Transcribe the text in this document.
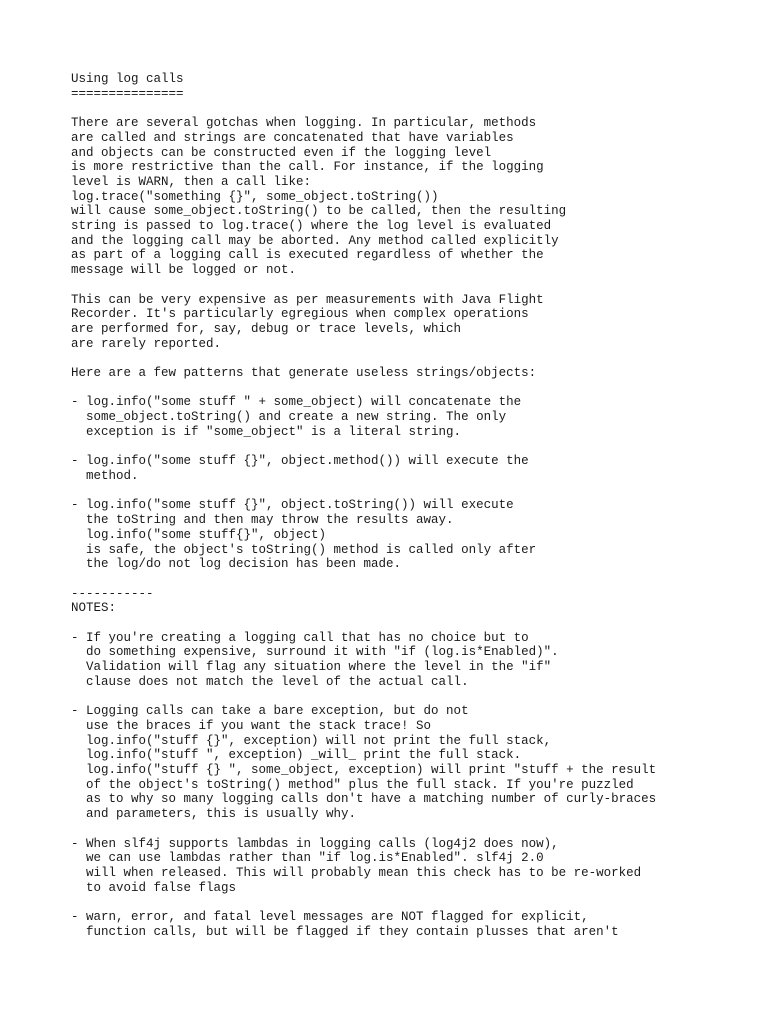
Using log calls
===============

There are several gotchas when logging. In particular, methods
are called and strings are concatenated that have variables
and objects can be constructed even if the logging level
is more restrictive than the call. For instance, if the logging
level is WARN, then a call like:
log.trace("something {}", some_object.toString())
will cause some_object.toString() to be called, then the resulting
string is passed to log.trace() where the log level is evaluated
and the logging call may be aborted. Any method called explicitly
as part of a logging call is executed regardless of whether the
message will be logged or not.

This can be very expensive as per measurements with Java Flight
Recorder. It's particularly egregious when complex operations
are performed for, say, debug or trace levels, which
are rarely reported.

Here are a few patterns that generate useless strings/objects:

- log.info("some stuff " + some_object) will concatenate the
some_object.toString() and create a new string. The only
exception is if "some_object" is a literal string.

- log.info("some stuff {}", object.method()) will execute the
method.

- log.info("some stuff {}", object.toString()) will execute
the toString and then may throw the results away.
log.info("some stuff{}", object)
is safe, the object's toString() method is called only after
the log/do not log decision has been made.

-----------
NOTES:

- If you're creating a logging call that has no choice but to
do something expensive, surround it with "if (log.is*Enabled)".
Validation will flag any situation where the level in the "if"
clause does not match the level of the actual call.

- Logging calls can take a bare exception, but do not
use the braces if you want the stack trace! So
log.info("stuff {}", exception) will not print the full stack,
log.info("stuff ", exception) _will_ print the full stack.
log.info("stuff {} ", some_object, exception) will print "stuff + the result
of the object's toString() method" plus the full stack. If you're puzzled
as to why so many logging calls don't have a matching number of curly-braces
and parameters, this is usually why.

- When slf4j supports lambdas in logging calls (log4j2 does now),
we can use lambdas rather than "if log.is*Enabled". slf4j 2.0
will when released. This will probably mean this check has to be re-worked
to avoid false flags

- warn, error, and fatal level messages are NOT flagged for explicit,
function calls, but will be flagged if they contain plusses that aren't
